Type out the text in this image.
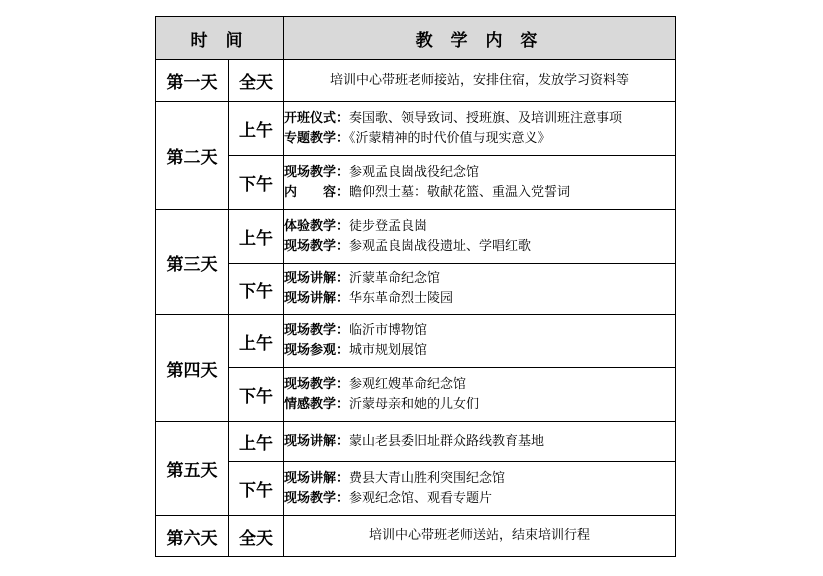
时 间		教 学 内 容
第一天	全天	培训中心带班老师接站，安排住宿，发放学习资料等

第二天	上午	开班仪式：奏国歌、领导致词、授班旗、及培训班注意事项
专题教学：《沂蒙精神的时代价值与现实意义》

	下午	现场教学：参观孟良崮战役纪念馆
内　　容：瞻仰烈士墓：敬献花篮、重温入党誓词

第三天	上午	体验教学：徒步登孟良崮
现场教学：参观孟良崮战役遗址、学唱红歌

	下午	现场讲解：沂蒙革命纪念馆
现场讲解：华东革命烈士陵园

第四天	上午	现场教学：临沂市博物馆
现场参观：城市规划展馆

	下午	现场教学：参观红嫂革命纪念馆
情感教学：沂蒙母亲和她的儿女们

第五天	上午	现场讲解：蒙山老县委旧址群众路线教育基地

	下午	现场讲解：费县大青山胜利突围纪念馆
现场教学：参观纪念馆、观看专题片

第六天	全天	培训中心带班老师送站，结束培训行程
